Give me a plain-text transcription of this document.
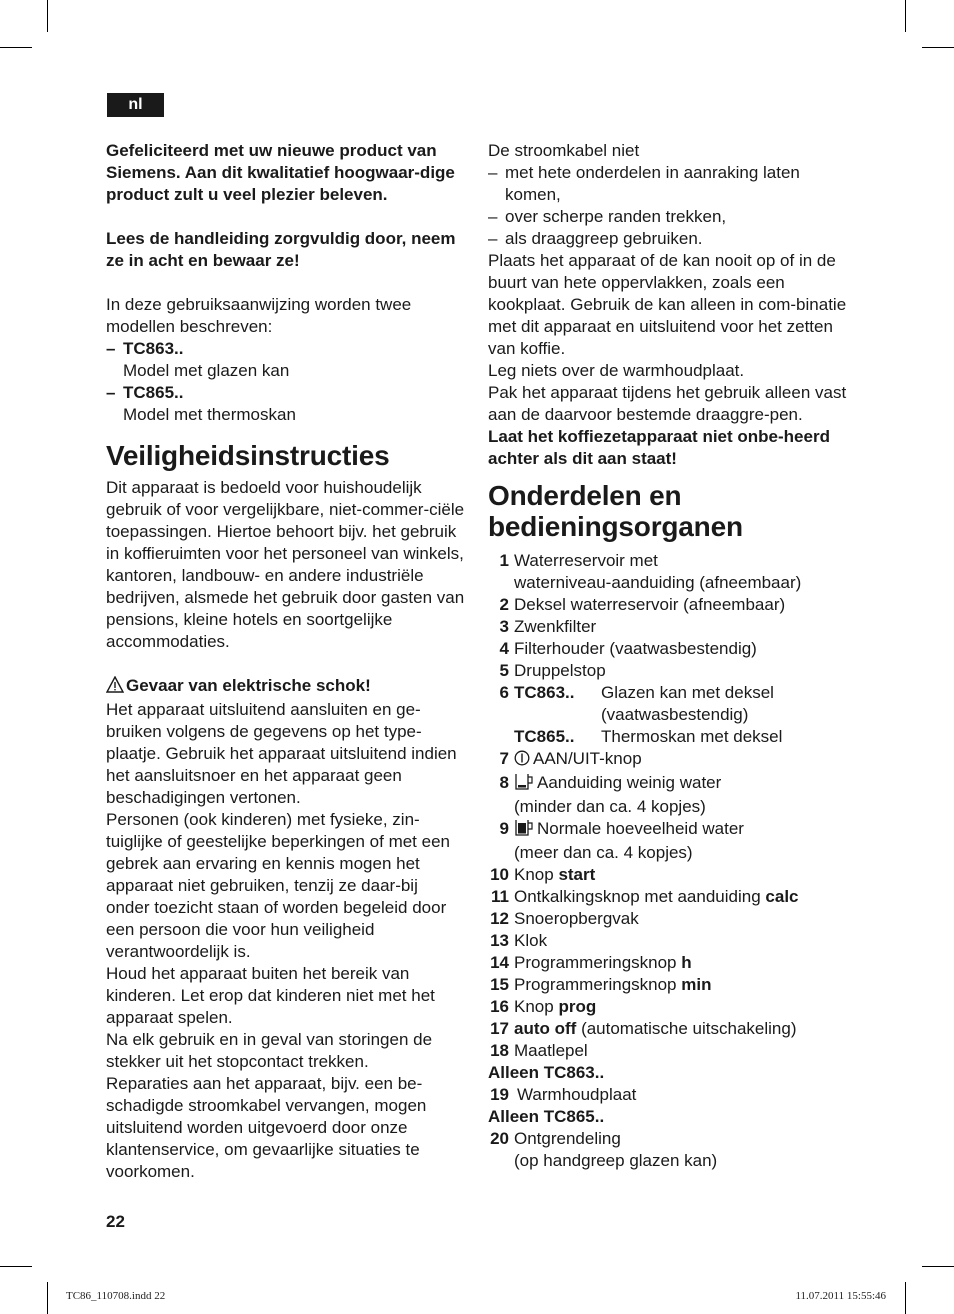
nl

Gefeliciteerd met uw nieuwe product van Siemens. Aan dit kwalitatief hoogwaar-dige product zult u veel plezier beleven.

Lees de handleiding zorgvuldig door, neem ze in acht en bewaar ze!

In deze gebruiksaanwijzing worden twee modellen beschreven:

– TC863..

Model met glazen kan

– TC865..

Model met thermoskan

Veiligheidsinstructies

Dit apparaat is bedoeld voor huishoudelijk gebruik of voor vergelijkbare, niet-commer-ciële toepassingen. Hiertoe behoort bijv. het gebruik in koffieruimten voor het personeel van winkels, kantoren, landbouw- en andere industriële bedrijven, alsmede het gebruik door gasten van pensions, kleine hotels en soortgelijke accommodaties.

Gevaar van elektrische schok!

Het apparaat uitsluitend aansluiten en ge-bruiken volgens de gegevens op het type-plaatje. Gebruik het apparaat uitsluitend indien het aansluitsnoer en het apparaat geen beschadigingen vertonen.

Personen (ook kinderen) met fysieke, zin-tuiglijke of geestelijke beperkingen of met een gebrek aan ervaring en kennis mogen het apparaat niet gebruiken, tenzij ze daar-bij onder toezicht staan of worden begeleid door een persoon die voor hun veiligheid verantwoordelijk is.

Houd het apparaat buiten het bereik van kinderen. Let erop dat kinderen niet met het apparaat spelen.

Na elk gebruik en in geval van storingen de stekker uit het stopcontact trekken.

Reparaties aan het apparaat, bijv. een be-schadigde stroomkabel vervangen, mogen uitsluitend worden uitgevoerd door onze klantenservice, om gevaarlijke situaties te voorkomen.

De stroomkabel niet

– met hete onderdelen in aanraking laten komen,

– over scherpe randen trekken,

– als draaggreep gebruiken.

Plaats het apparaat of de kan nooit op of in de buurt van hete oppervlakken, zoals een kookplaat. Gebruik de kan alleen in com-binatie met dit apparaat en uitsluitend voor het zetten van koffie.

Leg niets over de warmhoudplaat.

Pak het apparaat tijdens het gebruik alleen vast aan de daarvoor bestemde draaggre-pen.

Laat het koffiezetapparaat niet onbe-heerd achter als dit aan staat!

Onderdelen en
bedieningsorganen
1 Waterreservoir met
waterniveau-aanduiding (afneembaar)
2 Deksel waterreservoir (afneembaar)
3 Zwenkfilter
4 Filterhouder (vaatwasbestendig)
5 Druppelstop
6 TC863..	Glazen kan met deksel
(vaatwasbestendig)
TC865..	Thermoskan met deksel
7 AAN/UIT-knop
8 Aanduiding weinig water
(minder dan ca. 4 kopjes)
9 Normale hoeveelheid water
(meer dan ca. 4 kopjes)
10 Knop start
11 Ontkalkingsknop met aanduiding calc
12 Snoeropbergvak
13 Klok
14 Programmeringsknop h
15 Programmeringsknop min
16 Knop prog
17 auto off (automatische uitschakeling)
18 Maatlepel
Alleen TC863..
19 Warmhoudplaat
Alleen TC865..
20 Ontgrendeling
(op handgreep glazen kan)
22
TC86_110708.indd 22	11.07.2011 15:55:46
